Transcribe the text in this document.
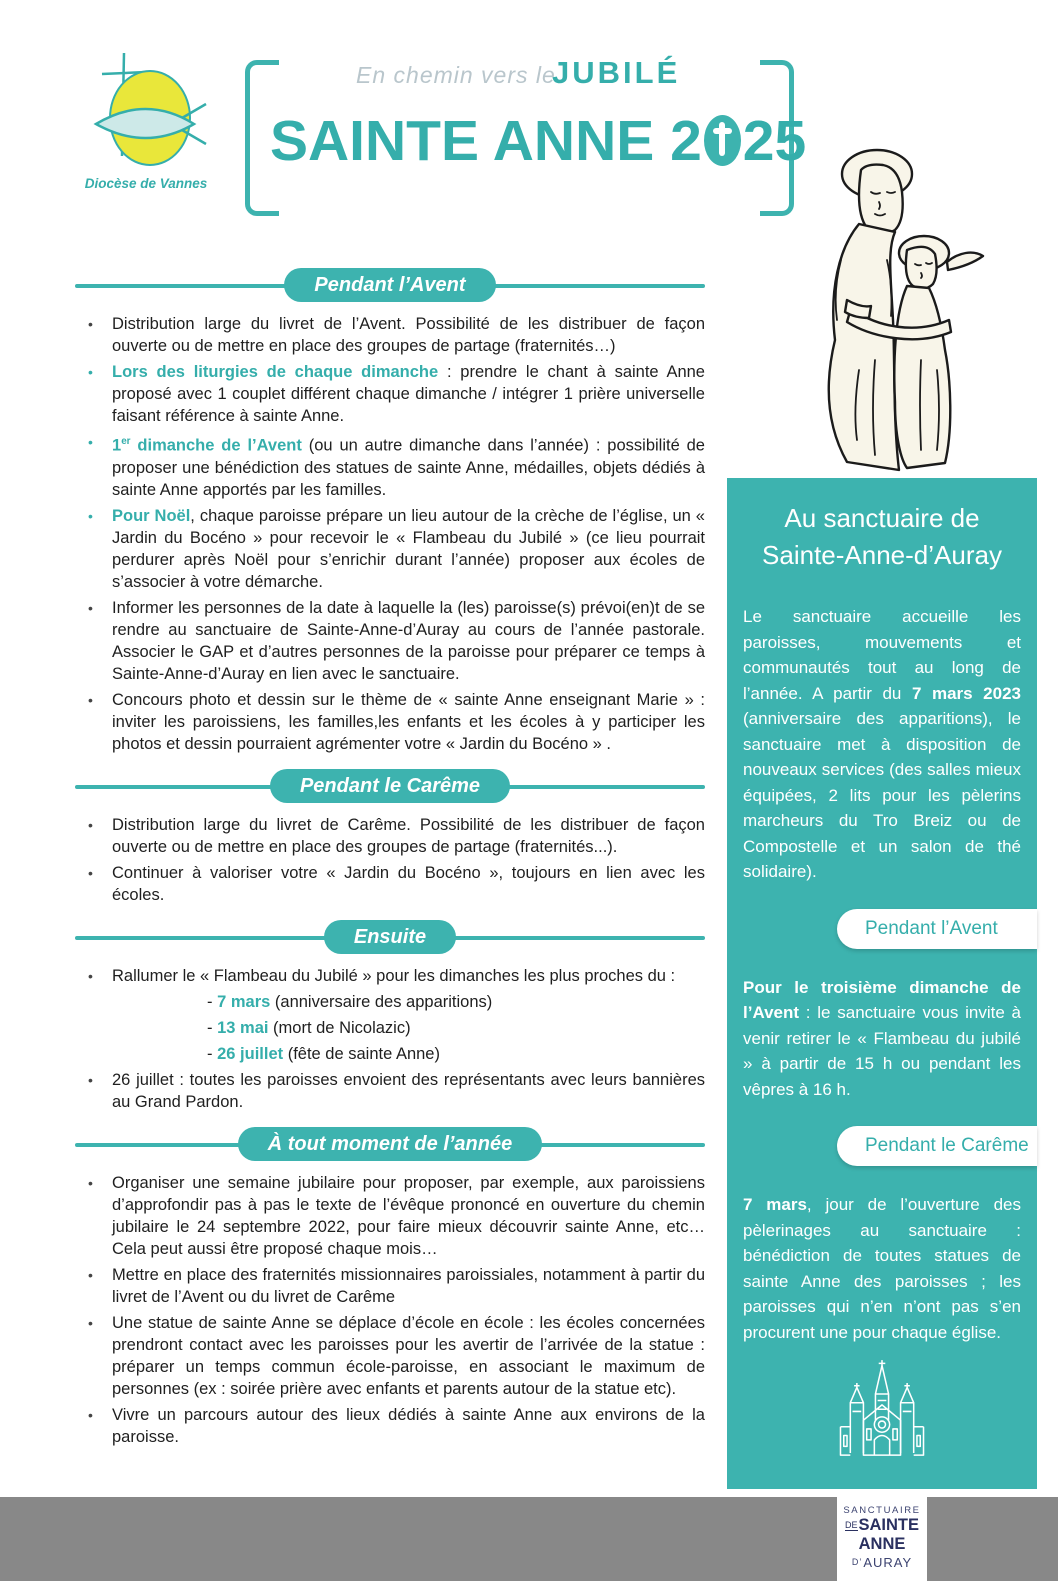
Diocèse de Vannes
En chemin vers le
JUBILÉ
SAINTE ANNE 2 25
Pendant l’Avent
•	Distribution large du livret de l’Avent. Possibilité de les distribuer de façon ouverte ou de mettre en place des groupes de partage (fraternités…)
•	Lors des liturgies de chaque dimanche : prendre le chant à sainte Anne proposé avec 1 couplet différent chaque dimanche / intégrer 1 prière universelle faisant référence à sainte Anne.
•	1er dimanche de l’Avent (ou un autre dimanche dans l’année) : possibilité de proposer une bénédiction des statues de sainte Anne, médailles, objets dédiés à sainte Anne apportés par les familles.
•	Pour Noël, chaque paroisse prépare un lieu autour de la crèche de l’église, un « Jardin du Bocéno » pour recevoir le « Flambeau du Jubilé » (ce lieu pourrait perdurer après Noël pour s’enrichir durant l’année) proposer aux écoles de s’associer à votre démarche.
•	Informer les personnes de la date à laquelle la (les) paroisse(s) prévoi(en)t de se rendre au sanctuaire de Sainte-Anne-d’Auray au cours de l’année pastorale. Associer le GAP et d’autres personnes de la paroisse pour préparer ce temps à Sainte-Anne-d’Auray en lien avec le sanctuaire.
•	Concours photo et dessin sur le thème de « sainte Anne enseignant Marie » : inviter les paroissiens, les familles,les enfants et les écoles à y participer les photos et dessin pourraient agrémenter votre « Jardin du Bocéno » .
Pendant le Carême
•	Distribution large du livret de Carême. Possibilité de les distribuer de façon ouverte ou de mettre en place des groupes de partage (fraternités...).
•	Continuer à valoriser votre « Jardin du Bocéno », toujours en lien avec les écoles.
Ensuite
•	Rallumer le « Flambeau du Jubilé » pour les dimanches les plus proches du :
- 7 mars (anniversaire des apparitions)
- 13 mai (mort de Nicolazic)
- 26 juillet (fête de sainte Anne)
•	26 juillet : toutes les paroisses envoient des représentants avec leurs bannières au Grand Pardon.
À tout moment de l’année
•	Organiser une semaine jubilaire pour proposer, par exemple, aux paroissiens d’approfondir pas à pas le texte de l’évêque prononcé en ouverture du chemin jubilaire le 24 septembre 2022, pour faire mieux découvrir sainte Anne, etc… Cela peut aussi être proposé chaque mois…
•	Mettre en place des fraternités missionnaires paroissiales, notamment à partir du livret de l’Avent ou du livret de Carême
•	Une statue de sainte Anne se déplace d’école en école : les écoles concernées prendront contact avec les paroisses pour les avertir de l’arrivée de la statue : préparer un temps commun école-paroisse, en associant le maximum de personnes (ex : soirée prière avec enfants et parents autour de la statue etc).
•	Vivre un parcours autour des lieux dédiés à sainte Anne aux environs de la paroisse.
Au sanctuaire de Sainte-Anne-d’Auray
Le sanctuaire accueille les paroisses, mouvements et communautés tout au long de l’année. A partir du 7 mars 2023 (anniversaire des apparitions), le sanctuaire met à disposition de nouveaux services (des salles mieux équipées, 2 lits pour les pèlerins marcheurs du Tro Breiz ou de Compostelle et un salon de thé solidaire).
Pendant l’Avent
Pour le troisième dimanche de l’Avent : le sanctuaire vous invite à venir retirer le « Flambeau du jubilé » à partir de 15 h ou pendant les vêpres à 16 h.
Pendant le Carême
7 mars, jour de l’ouverture des pèlerinages au sanctuaire : bénédiction de toutes statues de sainte Anne des paroisses ; les paroisses qui n’en n’ont pas s’en procurent une pour chaque église.
SANCTUAIRE
DESAINTE
ANNE
D’AURAY
